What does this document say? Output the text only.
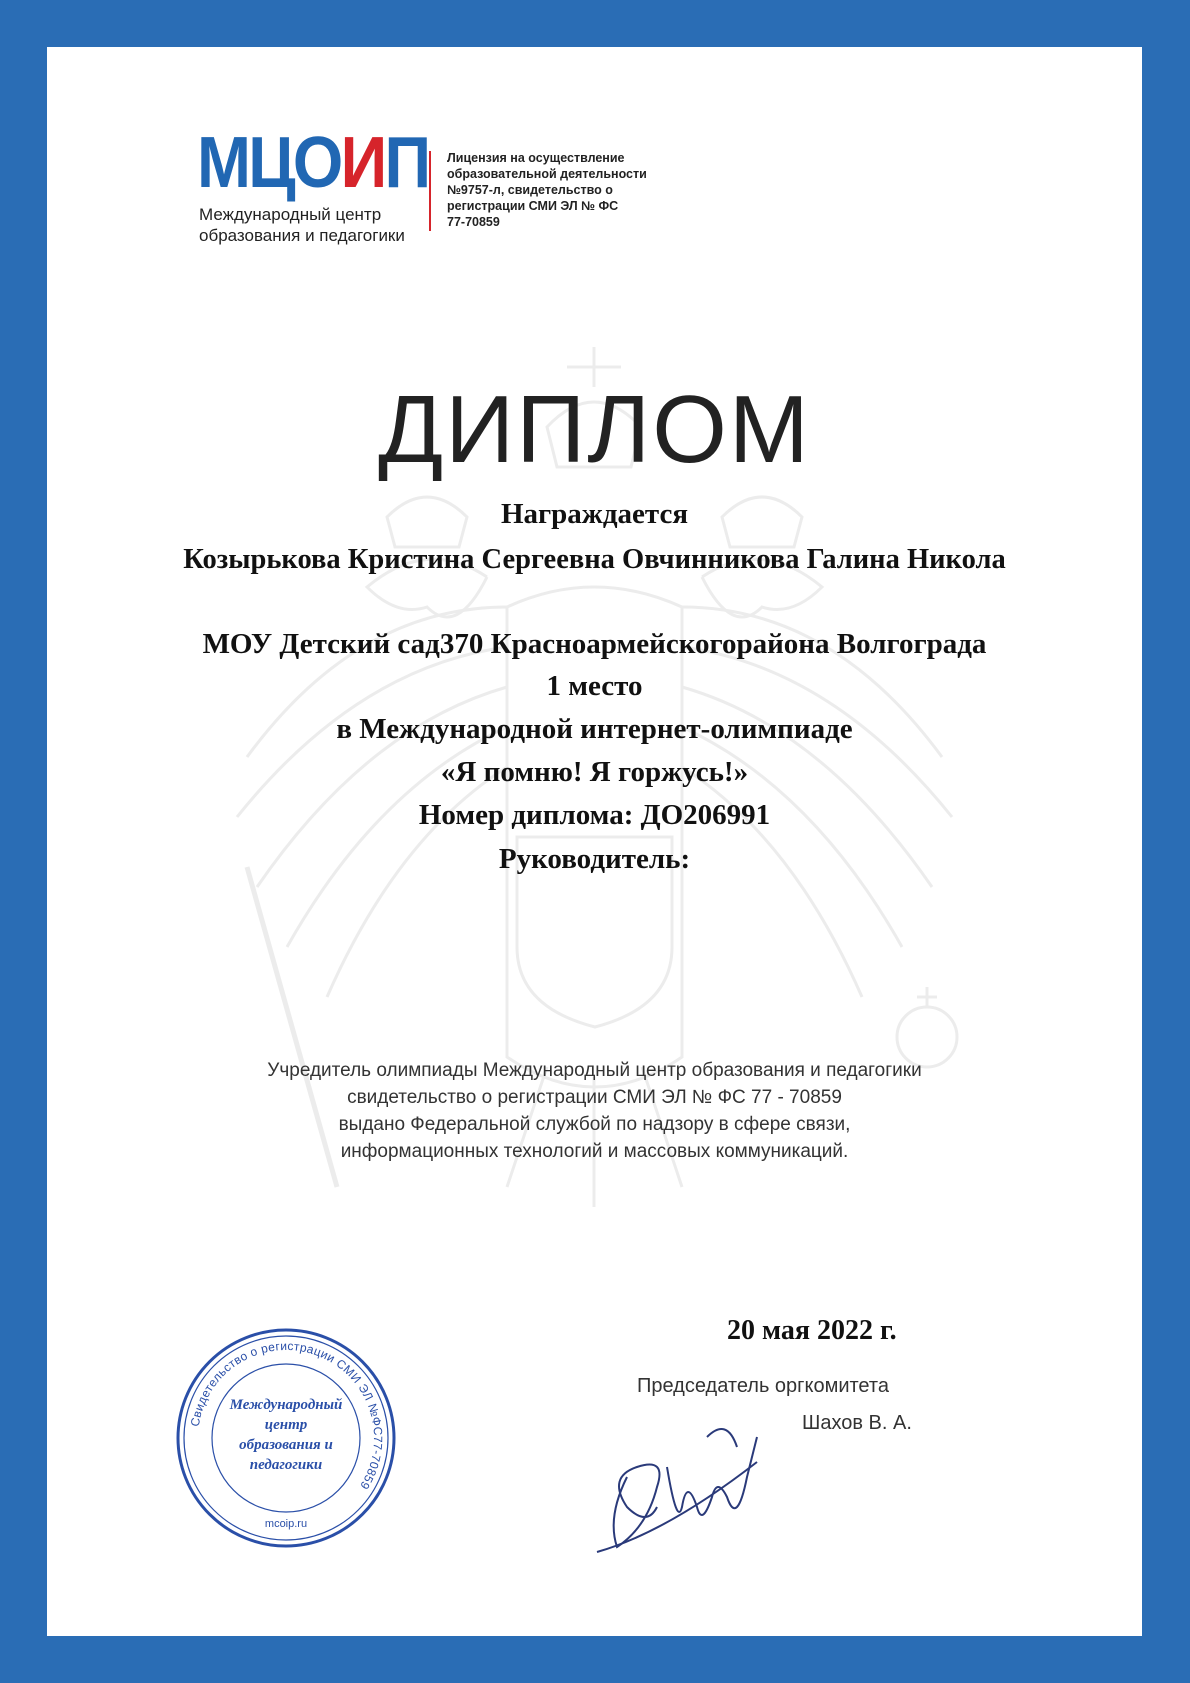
МЦОИП
Международный центр
образования и педагогики
Лицензия на осуществление
образовательной деятельности
№9757-л, свидетельство о
регистрации СМИ ЭЛ № ФС
77-70859
ДИПЛОМ
Награждается
Козырькова Кристина Сергеевна Овчинникова Галина Никола
МОУ Детский сад370 Красноармейскогорайона Волгограда
1 место
в Международной интернет-олимпиаде
«Я помню! Я горжусь!»
Номер диплома: ДО206991
Руководитель:
Учредитель олимпиады Международный центр образования и педагогики
свидетельство о регистрации СМИ ЭЛ № ФС 77 - 70859
выдано Федеральной службой по надзору в сфере связи,
информационных технологий и массовых коммуникаций.
20 мая 2022 г.
Председатель оргкомитета
Шахов В. А.
Свидетельство о регистрации СМИ ЭЛ №ФС77-70859
Международный
центр
образования и
педагогики
mcoip.ru
